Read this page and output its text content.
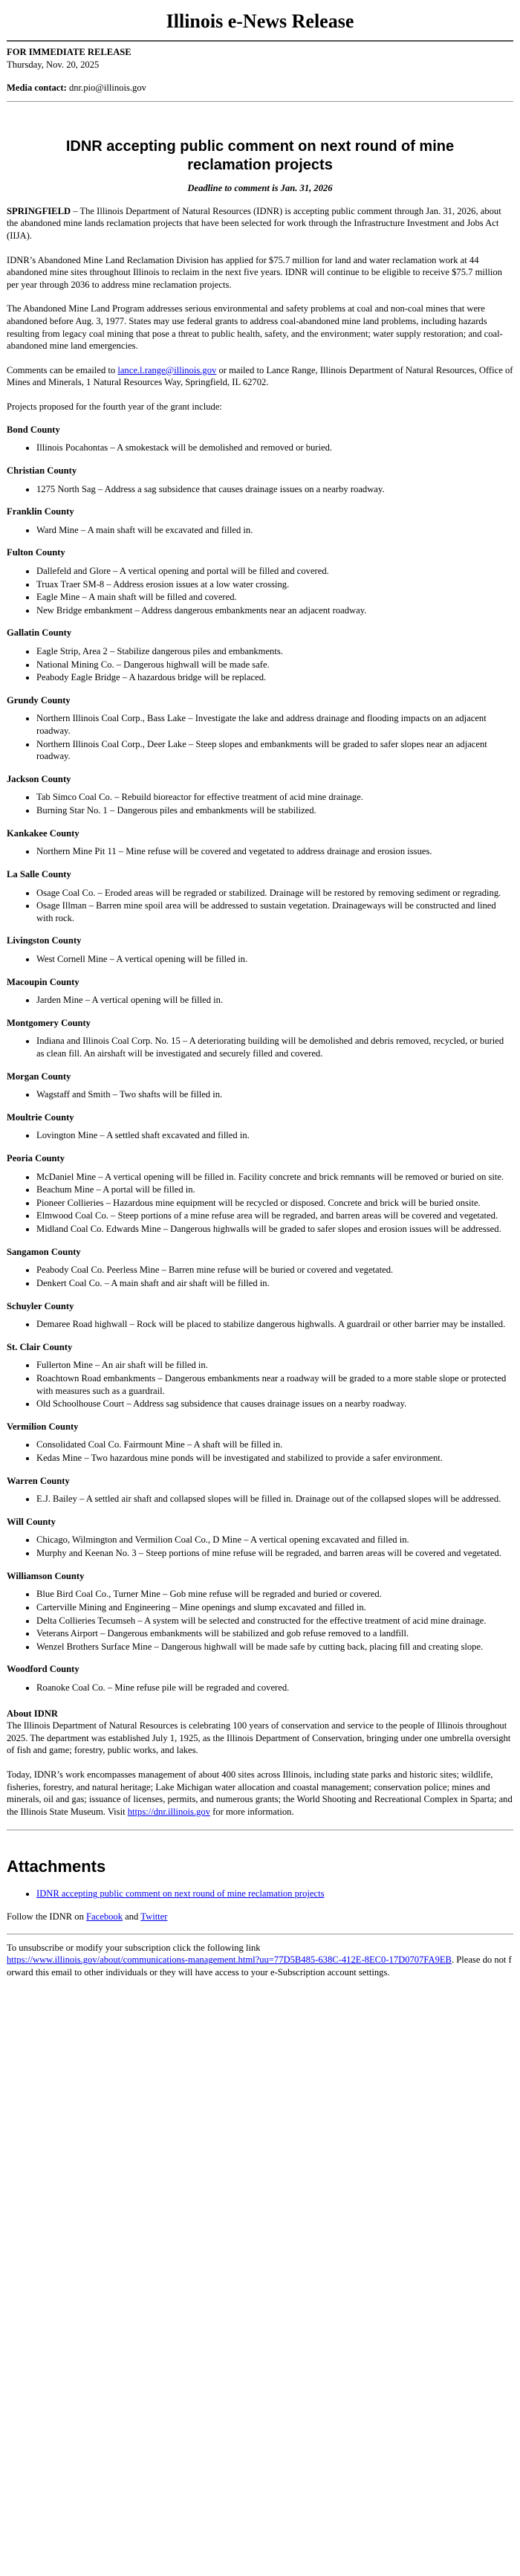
Illinois e-News Release

FOR IMMEDIATE RELEASE

Thursday, Nov. 20, 2025

Media contact: dnr.pio@illinois.gov

IDNR accepting public comment on next round of mine reclamation projects
Deadline to comment is Jan. 31, 2026

SPRINGFIELD – The Illinois Department of Natural Resources (IDNR) is accepting public comment through Jan. 31, 2026, about the abandoned mine lands reclamation projects that have been selected for work through the Infrastructure Investment and Jobs Act (IIJA).

IDNR’s Abandoned Mine Land Reclamation Division has applied for $75.7 million for land and water reclamation work at 44 abandoned mine sites throughout Illinois to reclaim in the next five years. IDNR will continue to be eligible to receive $75.7 million per year through 2036 to address mine reclamation projects.

The Abandoned Mine Land Program addresses serious environmental and safety problems at coal and non-coal mines that were abandoned before Aug. 3, 1977. States may use federal grants to address coal-abandoned mine land problems, including hazards resulting from legacy coal mining that pose a threat to public health, safety, and the environment; water supply restoration; and coal-abandoned mine land emergencies.

Comments can be emailed to lance.l.range@illinois.gov or mailed to Lance Range, Illinois Department of Natural Resources, Office of Mines and Minerals, 1 Natural Resources Way, Springfield, IL 62702.

Projects proposed for the fourth year of the grant include:

Bond County
• Illinois Pocahontas – A smokestack will be demolished and removed or buried.
Christian County
• 1275 North Sag – Address a sag subsidence that causes drainage issues on a nearby roadway.
Franklin County
• Ward Mine – A main shaft will be excavated and filled in.
Fulton County
• Dallefeld and Glore – A vertical opening and portal will be filled and covered.
• Truax Traer SM-8 – Address erosion issues at a low water crossing.
• Eagle Mine – A main shaft will be filled and covered.
• New Bridge embankment – Address dangerous embankments near an adjacent roadway.
Gallatin County
• Eagle Strip, Area 2 – Stabilize dangerous piles and embankments.
• National Mining Co. – Dangerous highwall will be made safe.
• Peabody Eagle Bridge – A hazardous bridge will be replaced.
Grundy County
• Northern Illinois Coal Corp., Bass Lake – Investigate the lake and address drainage and flooding impacts on an adjacent roadway.
• Northern Illinois Coal Corp., Deer Lake – Steep slopes and embankments will be graded to safer slopes near an adjacent roadway.
Jackson County
• Tab Simco Coal Co. – Rebuild bioreactor for effective treatment of acid mine drainage.
• Burning Star No. 1 – Dangerous piles and embankments will be stabilized.
Kankakee County
• Northern Mine Pit 11 – Mine refuse will be covered and vegetated to address drainage and erosion issues.
La Salle County
• Osage Coal Co. – Eroded areas will be regraded or stabilized. Drainage will be restored by removing sediment or regrading.
• Osage Illman – Barren mine spoil area will be addressed to sustain vegetation. Drainageways will be constructed and lined with rock.
Livingston County
• West Cornell Mine – A vertical opening will be filled in.
Macoupin County
• Jarden Mine – A vertical opening will be filled in.
Montgomery County
• Indiana and Illinois Coal Corp. No. 15 – A deteriorating building will be demolished and debris removed, recycled, or buried as clean fill. An airshaft will be investigated and securely filled and covered.
Morgan County
• Wagstaff and Smith – Two shafts will be filled in.
Moultrie County
• Lovington Mine – A settled shaft excavated and filled in.
Peoria County
• McDaniel Mine – A vertical opening will be filled in. Facility concrete and brick remnants will be removed or buried on site.
• Beachum Mine – A portal will be filled in.
• Pioneer Collieries – Hazardous mine equipment will be recycled or disposed. Concrete and brick will be buried onsite.
• Elmwood Coal Co. – Steep portions of a mine refuse area will be regraded, and barren areas will be covered and vegetated.
• Midland Coal Co. Edwards Mine – Dangerous highwalls will be graded to safer slopes and erosion issues will be addressed.
Sangamon County
• Peabody Coal Co. Peerless Mine – Barren mine refuse will be buried or covered and vegetated.
• Denkert Coal Co. – A main shaft and air shaft will be filled in.
Schuyler County
• Demaree Road highwall – Rock will be placed to stabilize dangerous highwalls. A guardrail or other barrier may be installed.
St. Clair County
• Fullerton Mine – An air shaft will be filled in.
• Roachtown Road embankments – Dangerous embankments near a roadway will be graded to a more stable slope or protected with measures such as a guardrail.
• Old Schoolhouse Court – Address sag subsidence that causes drainage issues on a nearby roadway.
Vermilion County
• Consolidated Coal Co. Fairmount Mine – A shaft will be filled in.
• Kedas Mine – Two hazardous mine ponds will be investigated and stabilized to provide a safer environment.
Warren County
• E.J. Bailey – A settled air shaft and collapsed slopes will be filled in. Drainage out of the collapsed slopes will be addressed.
Will County
• Chicago, Wilmington and Vermilion Coal Co., D Mine – A vertical opening excavated and filled in.
• Murphy and Keenan No. 3 – Steep portions of mine refuse will be regraded, and barren areas will be covered and vegetated.
Williamson County
• Blue Bird Coal Co., Turner Mine – Gob mine refuse will be regraded and buried or covered.
• Carterville Mining and Engineering – Mine openings and slump excavated and filled in.
• Delta Collieries Tecumseh – A system will be selected and constructed for the effective treatment of acid mine drainage.
• Veterans Airport – Dangerous embankments will be stabilized and gob refuse removed to a landfill.
• Wenzel Brothers Surface Mine – Dangerous highwall will be made safe by cutting back, placing fill and creating slope.
Woodford County
• Roanoke Coal Co. – Mine refuse pile will be regraded and covered.
About IDNR

The Illinois Department of Natural Resources is celebrating 100 years of conservation and service to the people of Illinois throughout 2025. The department was established July 1, 1925, as the Illinois Department of Conservation, bringing under one umbrella oversight of fish and game; forestry, public works, and lakes.

Today, IDNR’s work encompasses management of about 400 sites across Illinois, including state parks and historic sites; wildlife, fisheries, forestry, and natural heritage; Lake Michigan water allocation and coastal management; conservation police; mines and minerals, oil and gas; issuance of licenses, permits, and numerous grants; the World Shooting and Recreational Complex in Sparta; and the Illinois State Museum. Visit https://dnr.illinois.gov for more information.

Attachments
• IDNR accepting public comment on next round of mine reclamation projects

Follow the IDNR on Facebook and Twitter

To unsubscribe or modify your subscription click the following link
https://www.illinois.gov/about/communications-management.html?uu=77D5B485-638C-412E-8EC0-17D0707FA9EB. Please do not forward this email to other individuals or they will have access to your e-Subscription account settings.
